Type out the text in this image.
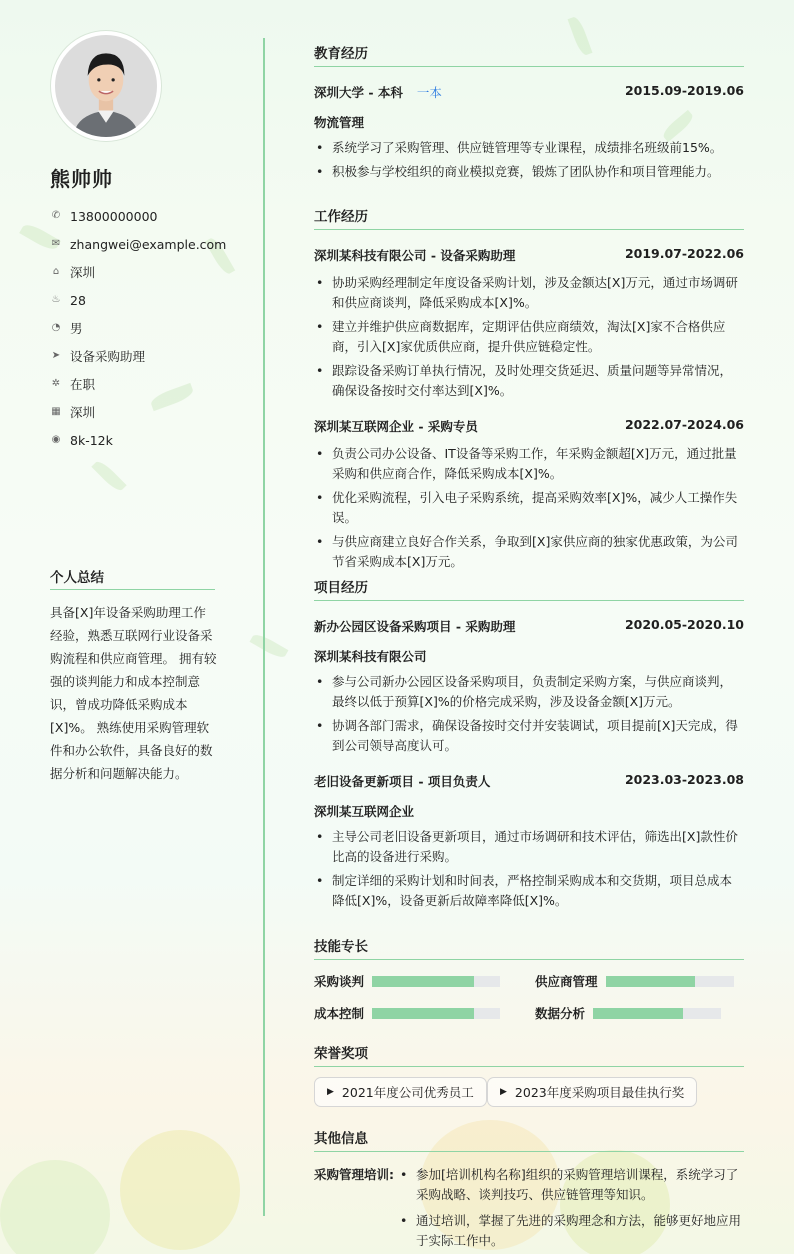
熊帅帅
✆ 13800000000
✉ zhangwei@example.com
⌂ 深圳
♨ 28
◔ 男
➤ 设备采购助理
✲ 在职
▦ 深圳
◉ 8k-12k
个人总结
具备[X]年设备采购助理工作经验，熟悉互联网行业设备采购流程和供应商管理。 拥有较强的谈判能力和成本控制意识，曾成功降低采购成本[X]%。 熟练使用采购管理软件和办公软件，具备良好的数据分析和问题解决能力。
教育经历
深圳大学 - 本科 一本	2015.09-2019.06
物流管理
• 系统学习了采购管理、供应链管理等专业课程，成绩排名班级前15%。
• 积极参与学校组织的商业模拟竞赛，锻炼了团队协作和项目管理能力。
工作经历
深圳某科技有限公司 - 设备采购助理	2019.07-2022.06
• 协助采购经理制定年度设备采购计划，涉及金额达[X]万元，通过市场调研和供应商谈判，降低采购成本[X]%。
• 建立并维护供应商数据库，定期评估供应商绩效，淘汰[X]家不合格供应商，引入[X]家优质供应商，提升供应链稳定性。
• 跟踪设备采购订单执行情况，及时处理交货延迟、质量问题等异常情况，确保设备按时交付率达到[X]%。
深圳某互联网企业 - 采购专员	2022.07-2024.06
• 负责公司办公设备、IT设备等采购工作，年采购金额超[X]万元，通过批量采购和供应商合作，降低采购成本[X]%。
• 优化采购流程，引入电子采购系统，提高采购效率[X]%，减少人工操作失误。
• 与供应商建立良好合作关系，争取到[X]家供应商的独家优惠政策，为公司节省采购成本[X]万元。
项目经历
新办公园区设备采购项目 - 采购助理	2020.05-2020.10
深圳某科技有限公司
• 参与公司新办公园区设备采购项目，负责制定采购方案，与供应商谈判，最终以低于预算[X]%的价格完成采购，涉及设备金额[X]万元。
• 协调各部门需求，确保设备按时交付并安装调试，项目提前[X]天完成，得到公司领导高度认可。
老旧设备更新项目 - 项目负责人	2023.03-2023.08
深圳某互联网企业
• 主导公司老旧设备更新项目，通过市场调研和技术评估，筛选出[X]款性价比高的设备进行采购。
• 制定详细的采购计划和时间表，严格控制采购成本和交货期，项目总成本降低[X]%，设备更新后故障率降低[X]%。
技能专长
采购谈判	供应商管理
成本控制	数据分析
荣誉奖项
▶ 2021年度公司优秀员工	▶ 2023年度采购项目最佳执行奖
其他信息
采购管理培训:
•	参加[培训机构名称]组织的采购管理培训课程，系统学习了采购战略、谈判技巧、供应链管理等知识。
• 通过培训，掌握了先进的采购理念和方法，能够更好地应用于实际工作中。
